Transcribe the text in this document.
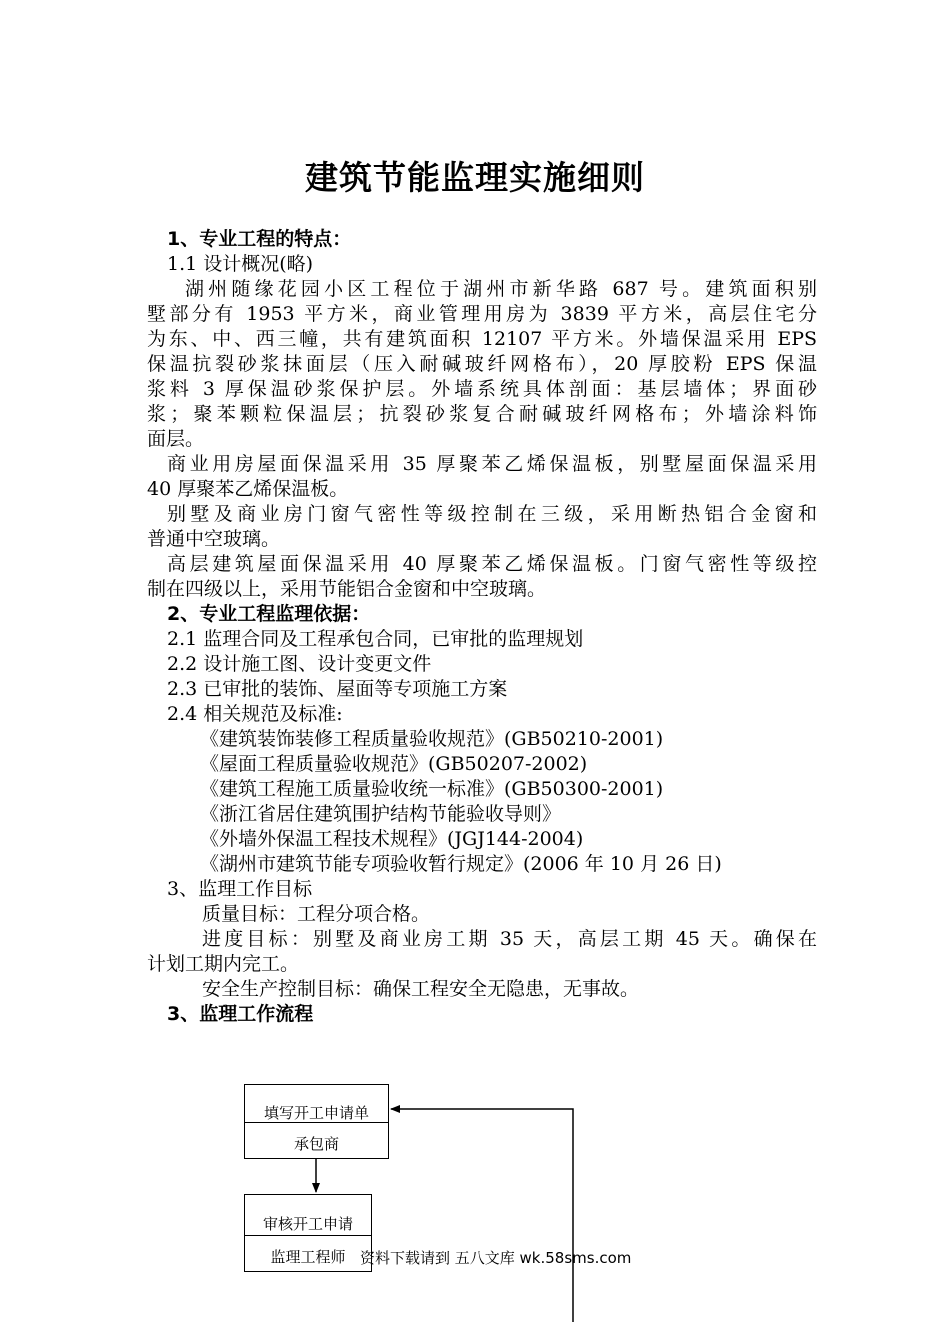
建筑节能监理实施细则
1、专业工程的特点：
1.1 设计概况(略)
湖州随缘花园小区工程位于湖州市新华路 687 号。建筑面积别
墅部分有 1953 平方米，商业管理用房为 3839 平方米，高层住宅分
为东、中、西三幢，共有建筑面积 12107 平方米。外墙保温采用 EPS
保温抗裂砂浆抹面层（压入耐碱玻纤网格布），20 厚胶粉 EPS 保温
浆料 3 厚保温砂浆保护层。外墙系统具体剖面：基层墙体；界面砂
浆；聚苯颗粒保温层；抗裂砂浆复合耐碱玻纤网格布；外墙涂料饰
面层。
商业用房屋面保温采用 35 厚聚苯乙烯保温板，别墅屋面保温采用
40 厚聚苯乙烯保温板。
别墅及商业房门窗气密性等级控制在三级，采用断热铝合金窗和
普通中空玻璃。
高层建筑屋面保温采用 40 厚聚苯乙烯保温板。门窗气密性等级控
制在四级以上，采用节能铝合金窗和中空玻璃。
2、专业工程监理依据：
2.1 监理合同及工程承包合同，已审批的监理规划
2.2 设计施工图、设计变更文件
2.3 已审批的装饰、屋面等专项施工方案
2.4 相关规范及标准:
《建筑装饰装修工程质量验收规范》(GB50210-2001)
《屋面工程质量验收规范》(GB50207-2002)
《建筑工程施工质量验收统一标准》(GB50300-2001)
《浙江省居住建筑围护结构节能验收导则》
《外墙外保温工程技术规程》(JGJ144-2004)
《湖州市建筑节能专项验收暂行规定》(2006 年 10 月 26 日)
3、监理工作目标
质量目标：工程分项合格。
进度目标：别墅及商业房工期 35 天，高层工期 45 天。确保在
计划工期内完工。
安全生产控制目标：确保工程安全无隐患，无事故。
3、监理工作流程
填写开工申请单
承包商
审核开工申请
监理工程师 资料下载请到 五八文库 wk.58sms.com
